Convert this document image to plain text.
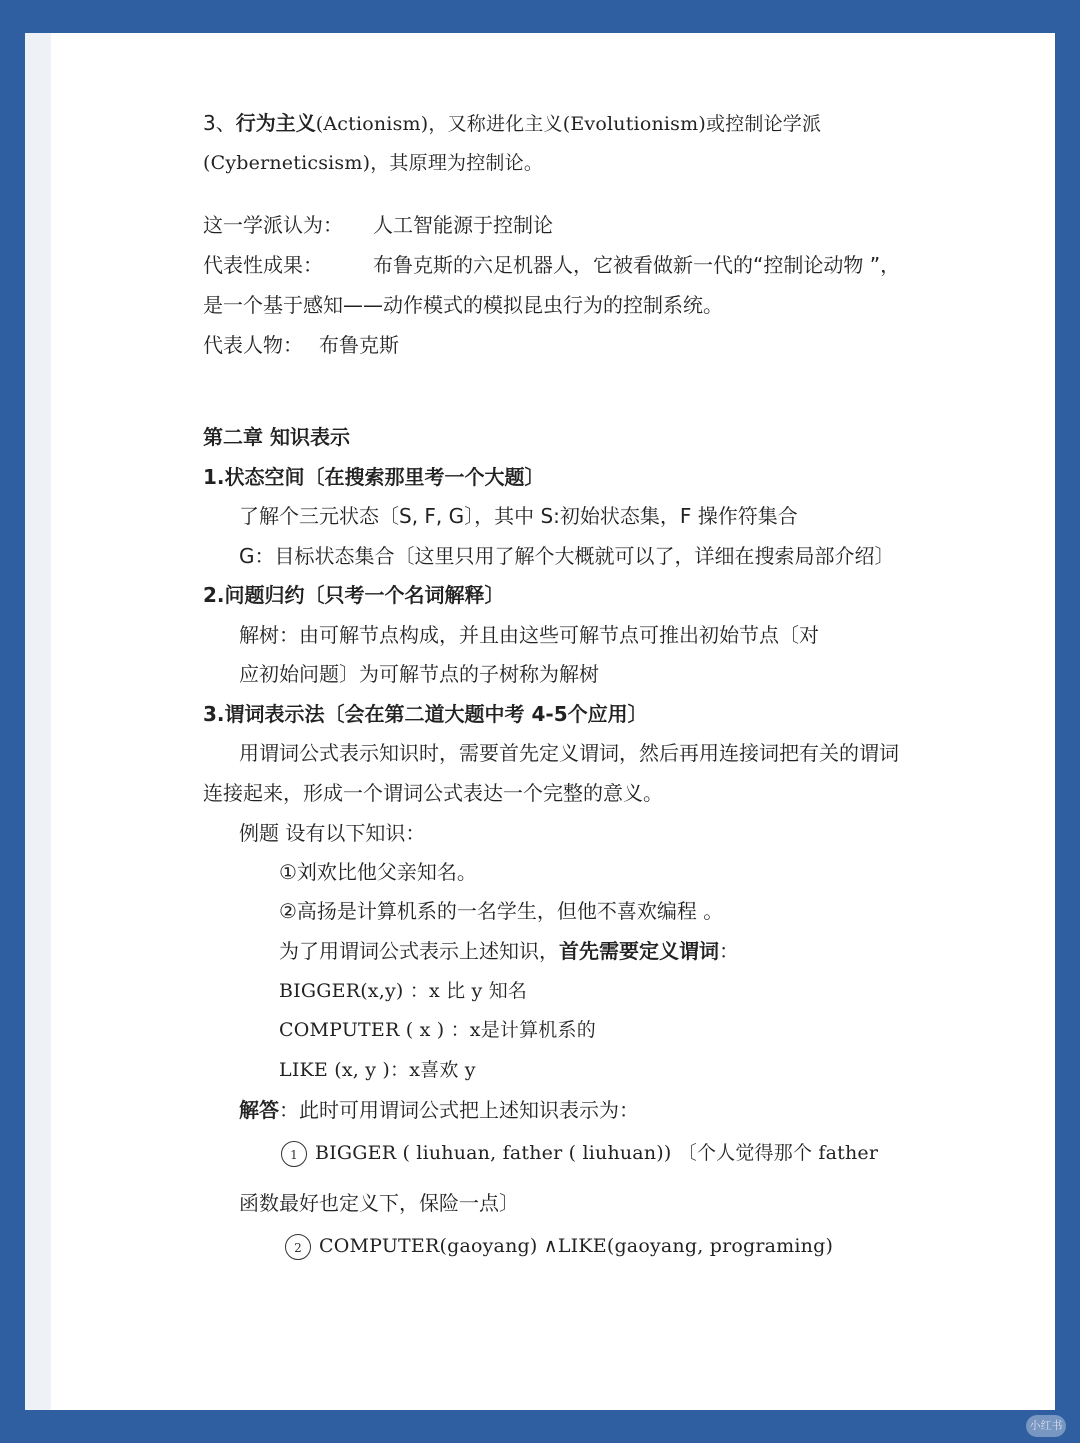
3、行为主义(Actionism)，又称进化主义(Evolutionism)或控制论学派
(Cyberneticsism)，其原理为控制论。
这一学派认为： 人工智能源于控制论
代表性成果：	布鲁克斯的六足机器人，它被看做新一代的“控制论动物 ”，
是一个基于感知——动作模式的模拟昆虫行为的控制系统。
代表人物： 布鲁克斯
第二章 知识表示
1.状态空间〔在搜索那里考一个大题〕
了解个三元状态〔S, F, G〕，其中 S:初始状态集，F 操作符集合
G：目标状态集合〔这里只用了解个大概就可以了，详细在搜索局部介绍〕
2.问题归约〔只考一个名词解释〕
解树：由可解节点构成，并且由这些可解节点可推出初始节点〔对
应初始问题〕为可解节点的子树称为解树
3.谓词表示法〔会在第二道大题中考 4-5个应用〕
用谓词公式表示知识时，需要首先定义谓词，然后再用连接词把有关的谓词
连接起来，形成一个谓词公式表达一个完整的意义。
例题 设有以下知识：
①刘欢比他父亲知名。
②高扬是计算机系的一名学生，但他不喜欢编程 。
为了用谓词公式表示上述知识，首先需要定义谓词：
BIGGER(x,y) ：x 比 y 知名
COMPUTER ( x ) ：x是计算机系的
LIKE (x, y )：x喜欢 y
解答：此时可用谓词公式把上述知识表示为：
1 BIGGER ( liuhuan, father ( liuhuan)) 〔个人觉得那个 father
函数最好也定义下，保险一点〕
2 COMPUTER(gaoyang) ∧LIKE(gaoyang, programing)
小红书
